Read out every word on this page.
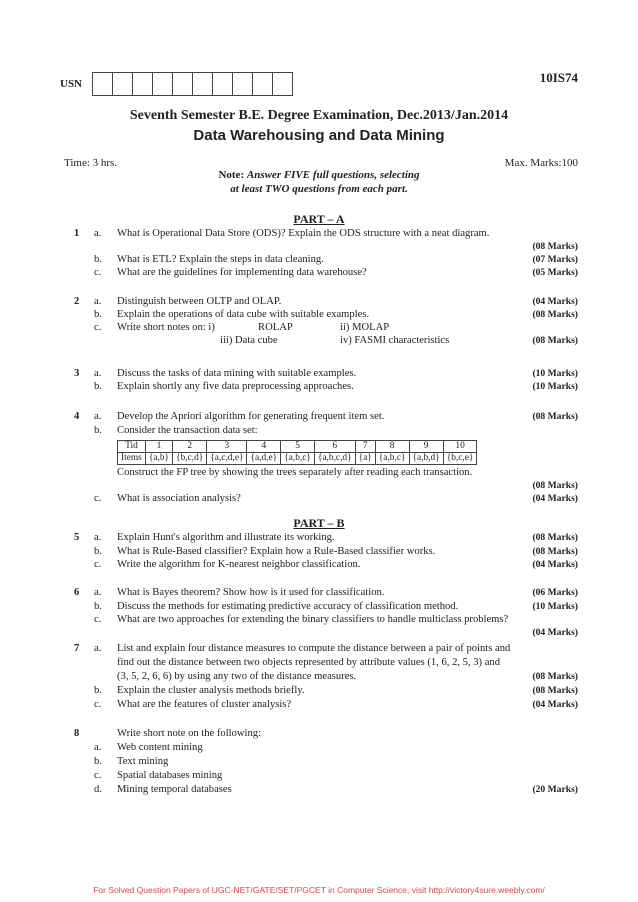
USN	10IS74
Seventh Semester B.E. Degree Examination, Dec.2013/Jan.2014
Data Warehousing and Data Mining
Time: 3 hrs.	Max. Marks:100
Note: Answer FIVE full questions, selecting
at least TWO questions from each part.
PART – A
1 a. What is Operational Data Store (ODS)? Explain the ODS structure with a neat diagram.
(08 Marks)
b. What is ETL? Explain the steps in data cleaning.	(07 Marks)
c. What are the guidelines for implementing data warehouse?	(05 Marks)
2 a. Distinguish between OLTP and OLAP.	(04 Marks)
b. Explain the operations of data cube with suitable examples.	(08 Marks)
c. Write short notes on: i)	ROLAP	ii) MOLAP
iii) Data cube	iv) FASMI characteristics	(08 Marks)
3 a. Discuss the tasks of data mining with suitable examples.	(10 Marks)
b. Explain shortly any five data preprocessing approaches.	(10 Marks)
4 a. Develop the Apriori algorithm for generating frequent item set.	(08 Marks)
b. Consider the transaction data set:
Tid	1	2	3	4	5	6	7	8	9	10
Items	{a,b}	{b,c,d}	{a,c,d,e}	{a,d,e}	{a,b,c}	{a,b,c,d}	{a}	{a,b,c}	{a,b,d}	{b,c,e}
Construct the FP tree by showing the trees separately after reading each transaction.
(08 Marks)
c. What is association analysis?	(04 Marks)
PART – B
5 a. Explain Hunt's algorithm and illustrate its working.	(08 Marks)
b. What is Rule-Based classifier? Explain how a Rule-Based classifier works.	(08 Marks)
c. Write the algorithm for K-nearest neighbor classification.	(04 Marks)
6 a. What is Bayes theorem? Show how is it used for classification.	(06 Marks)
b. Discuss the methods for estimating predictive accuracy of classification method.	(10 Marks)
c. What are two approaches for extending the binary classifiers to handle multiclass problems?
(04 Marks)
7 a. List and explain four distance measures to compute the distance between a pair of points and
find out the distance between two objects represented by attribute values (1, 6, 2, 5, 3) and
(3, 5, 2, 6, 6) by using any two of the distance measures.	(08 Marks)
b. Explain the cluster analysis methods briefly.	(08 Marks)
c. What are the features of cluster analysis?	(04 Marks)
8	Write short note on the following:
a. Web content mining
b. Text mining
c. Spatial databases mining
d. Mining temporal databases	(20 Marks)
For Solved Question Papers of UGC-NET/GATE/SET/PGCET in Computer Science, visit http://victory4sure.weebly.com/
